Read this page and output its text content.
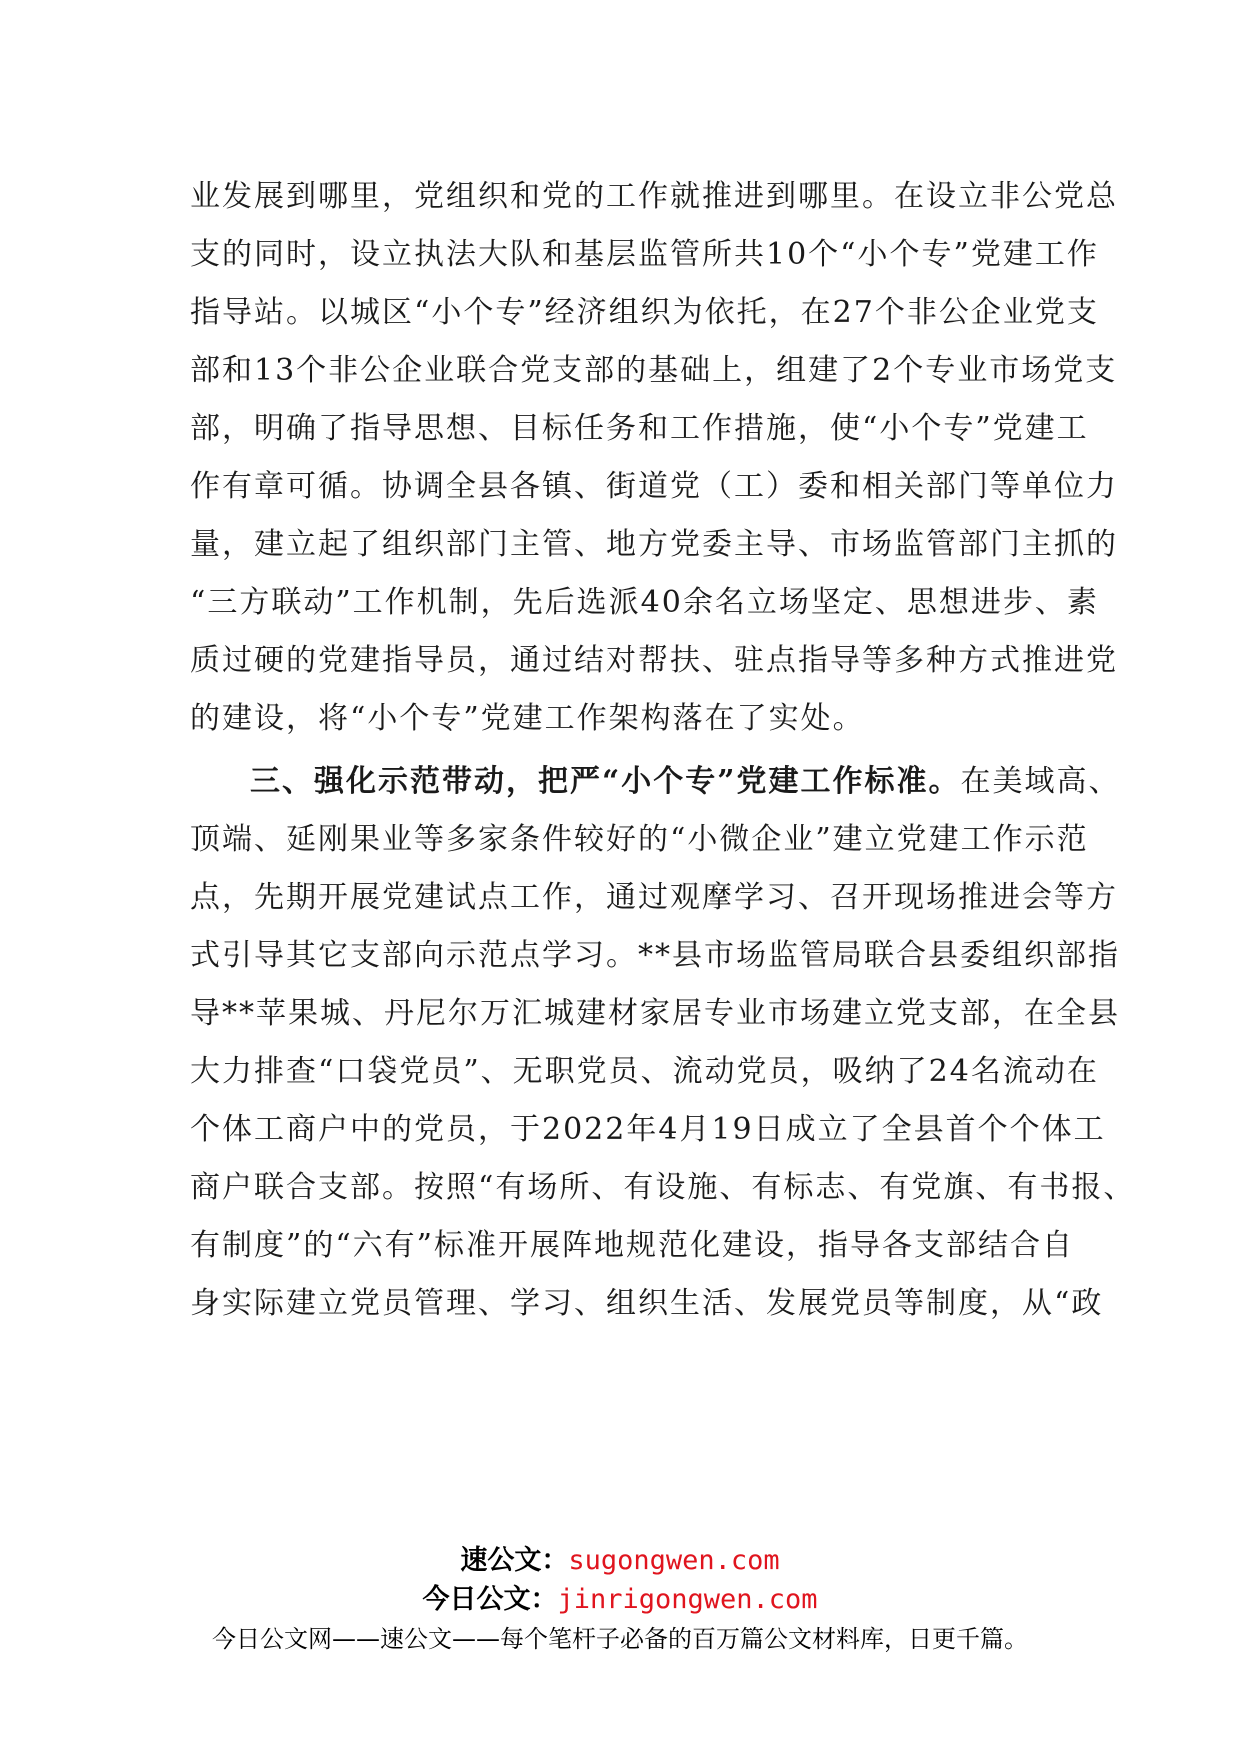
业发展到哪里，党组织和党的工作就推进到哪里。在设立非公党总
支的同时，设立执法大队和基层监管所共10个“小个专”党建工作
指导站。以城区“小个专”经济组织为依托，在27个非公企业党支
部和13个非公企业联合党支部的基础上，组建了2个专业市场党支
部，明确了指导思想、目标任务和工作措施，使“小个专”党建工
作有章可循。协调全县各镇、街道党（工）委和相关部门等单位力
量，建立起了组织部门主管、地方党委主导、市场监管部门主抓的
“三方联动”工作机制，先后选派40余名立场坚定、思想进步、素
质过硬的党建指导员，通过结对帮扶、驻点指导等多种方式推进党
的建设，将“小个专”党建工作架构落在了实处。
三、强化示范带动，把严“小个专”党建工作标准。在美域高、
顶端、延刚果业等多家条件较好的“小微企业”建立党建工作示范
点，先期开展党建试点工作，通过观摩学习、召开现场推进会等方
式引导其它支部向示范点学习。**县市场监管局联合县委组织部指
导**苹果城、丹尼尔万汇城建材家居专业市场建立党支部，在全县
大力排查“口袋党员”、无职党员、流动党员，吸纳了24名流动在
个体工商户中的党员，于2022年4月19日成立了全县首个个体工
商户联合支部。按照“有场所、有设施、有标志、有党旗、有书报、
有制度”的“六有”标准开展阵地规范化建设，指导各支部结合自
身实际建立党员管理、学习、组织生活、发展党员等制度，从“政
速公文：sugongwen.com
今日公文：jinrigongwen.com
今日公文网——速公文——每个笔杆子必备的百万篇公文材料库，日更千篇。
